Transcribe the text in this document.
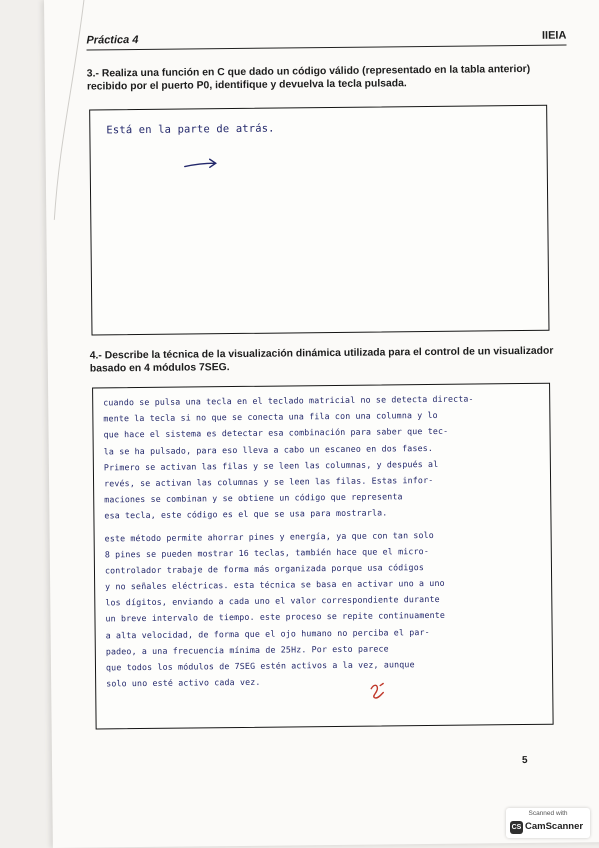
Práctica 4	IIEIA
3.- Realiza una función en C que dado un código válido (representado en la tabla anterior) recibido por el puerto P0, identifique y devuelva la tecla pulsada.
Está en la parte de atrás.
4.- Describe la técnica de la visualización dinámica utilizada para el control de un visualizador basado en 4 módulos 7SEG.
cuando se pulsa una tecla en el teclado matricial no se detecta directa-
mente la tecla si no que se conecta una fila con una columna y lo
que hace el sistema es detectar esa combinación para saber que tec-
la se ha pulsado, para eso lleva a cabo un escaneo en dos fases.
Primero se activan las filas y se leen las columnas, y después al
revés, se activan las columnas y se leen las filas. Estas infor-
maciones se combinan y se obtiene un código que representa
esa tecla, este código es el que se usa para mostrarla.
este método permite ahorrar pines y energía, ya que con tan solo
8 pines se pueden mostrar 16 teclas, también hace que el micro-
controlador trabaje de forma más organizada porque usa códigos
y no señales eléctricas. esta técnica se basa en activar uno a uno
los dígitos, enviando a cada uno el valor correspondiente durante
un breve intervalo de tiempo. este proceso se repite continuamente
a alta velocidad, de forma que el ojo humano no perciba el par-
padeo, a una frecuencia mínima de 25Hz. Por esto parece
que todos los módulos de 7SEG estén activos a la vez, aunque
solo uno esté activo cada vez.
5
Scanned with
CS CamScanner
